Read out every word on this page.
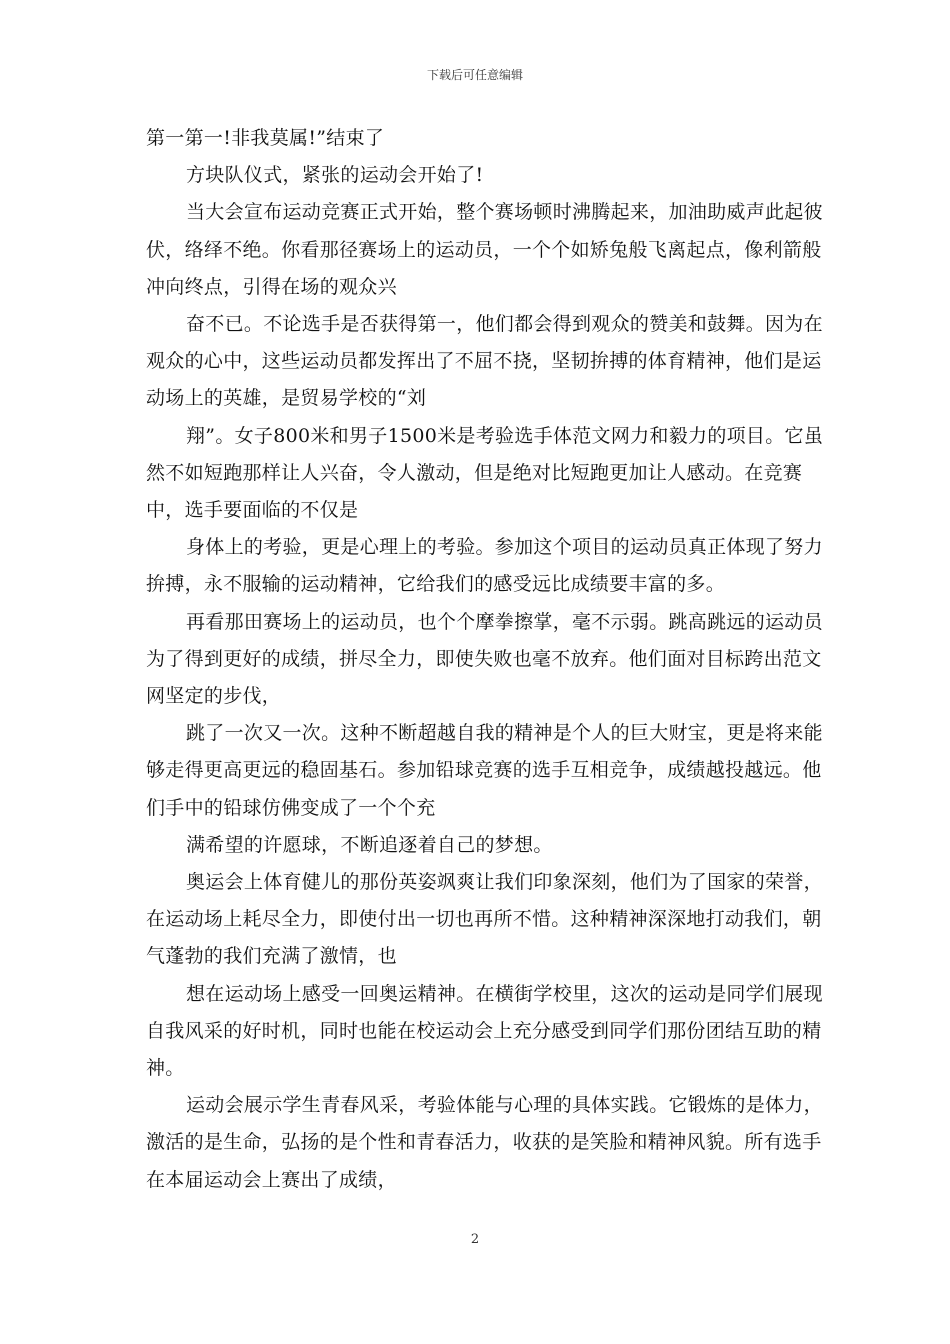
下载后可任意编辑

第一第一!非我莫属!”结束了

方块队仪式，紧张的运动会开始了!

当大会宣布运动竞赛正式开始，整个赛场顿时沸腾起来，加油助威声此起彼伏，络绎不绝。你看那径赛场上的运动员，一个个如矫兔般飞离起点，像利箭般冲向终点，引得在场的观众兴

奋不已。不论选手是否获得第一，他们都会得到观众的赞美和鼓舞。因为在观众的心中，这些运动员都发挥出了不屈不挠，坚韧拚搏的体育精神，他们是运动场上的英雄，是贸易学校的“刘

翔”。女子800米和男子1500米是考验选手体范文网力和毅力的项目。它虽然不如短跑那样让人兴奋，令人激动，但是绝对比短跑更加让人感动。在竞赛中，选手要面临的不仅是

身体上的考验，更是心理上的考验。参加这个项目的运动员真正体现了努力拚搏，永不服输的运动精神，它给我们的感受远比成绩要丰富的多。

再看那田赛场上的运动员，也个个摩拳擦掌，毫不示弱。跳高跳远的运动员为了得到更好的成绩，拼尽全力，即使失败也毫不放弃。他们面对目标跨出范文网坚定的步伐，

跳了一次又一次。这种不断超越自我的精神是个人的巨大财宝，更是将来能够走得更高更远的稳固基石。参加铅球竞赛的选手互相竞争，成绩越投越远。他们手中的铅球仿佛变成了一个个充

满希望的许愿球，不断追逐着自己的梦想。

奥运会上体育健儿的那份英姿飒爽让我们印象深刻，他们为了国家的荣誉，在运动场上耗尽全力，即使付出一切也再所不惜。这种精神深深地打动我们，朝气蓬勃的我们充满了激情，也

想在运动场上感受一回奥运精神。在横街学校里，这次的运动是同学们展现自我风采的好时机，同时也能在校运动会上充分感受到同学们那份团结互助的精神。

运动会展示学生青春风采，考验体能与心理的具体实践。它锻炼的是体力，激活的是生命，弘扬的是个性和青春活力，收获的是笑脸和精神风貌。所有选手在本届运动会上赛出了成绩，

2
